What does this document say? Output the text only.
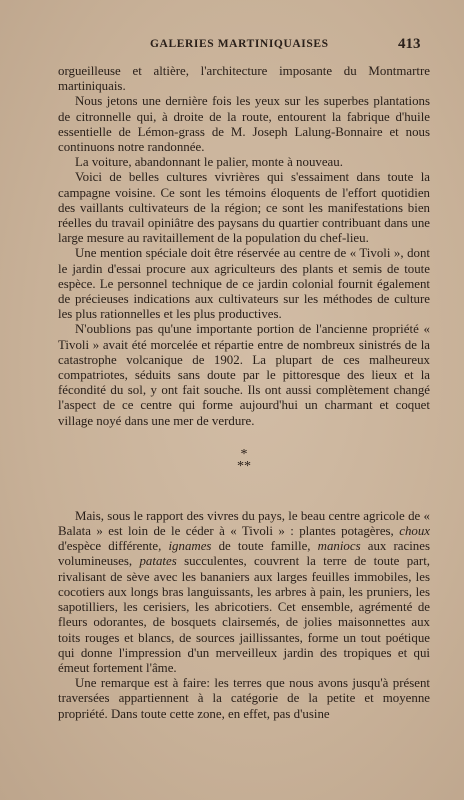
GALERIES MARTINIQUAISES	413

orgueilleuse et altière, l'architecture imposante du Montmartre martiniquais.

Nous jetons une dernière fois les yeux sur les superbes plantations de citronnelle qui, à droite de la route, entourent la fabrique d'huile essentielle de Lémon-grass de M. Joseph Lalung-Bonnaire et nous continuons notre randonnée.

La voiture, abandonnant le palier, monte à nouveau.

Voici de belles cultures vivrières qui s'essaiment dans toute la campagne voisine. Ce sont les témoins éloquents de l'effort quotidien des vaillants cultivateurs de la région; ce sont les manifestations bien réelles du travail opiniâtre des paysans du quartier contribuant dans une large mesure au ravitaillement de la population du chef-lieu.

Une mention spéciale doit être réservée au centre de « Tivoli », dont le jardin d'essai procure aux agriculteurs des plants et semis de toute espèce. Le personnel technique de ce jardin colonial fournit également de précieuses indications aux cultivateurs sur les méthodes de culture les plus rationnelles et les plus productives.

N'oublions pas qu'une importante portion de l'ancienne propriété « Tivoli » avait été morcelée et répartie entre de nombreux sinistrés de la catastrophe volcanique de 1902. La plupart de ces malheureux compatriotes, séduits sans doute par le pittoresque des lieux et la fécondité du sol, y ont fait souche. Ils ont aussi complètement changé l'aspect de ce centre qui forme aujourd'hui un charmant et coquet village noyé dans une mer de verdure.

*
**

Mais, sous le rapport des vivres du pays, le beau centre agricole de « Balata » est loin de le céder à « Tivoli » : plantes potagères, choux d'espèce différente, ignames de toute famille, maniocs aux racines volumineuses, patates succulentes, couvrent la terre de toute part, rivalisant de sève avec les bananiers aux larges feuilles immobiles, les cocotiers aux longs bras languissants, les arbres à pain, les pruniers, les sapotilliers, les cerisiers, les abricotiers. Cet ensemble, agrémenté de fleurs odorantes, de bosquets clairsemés, de jolies maisonnettes aux toits rouges et blancs, de sources jaillissantes, forme un tout poétique qui donne l'impression d'un merveilleux jardin des tropiques et qui émeut fortement l'âme.

Une remarque est à faire: les terres que nous avons jusqu'à présent traversées appartiennent à la catégorie de la petite et moyenne propriété. Dans toute cette zone, en effet, pas d'usine
